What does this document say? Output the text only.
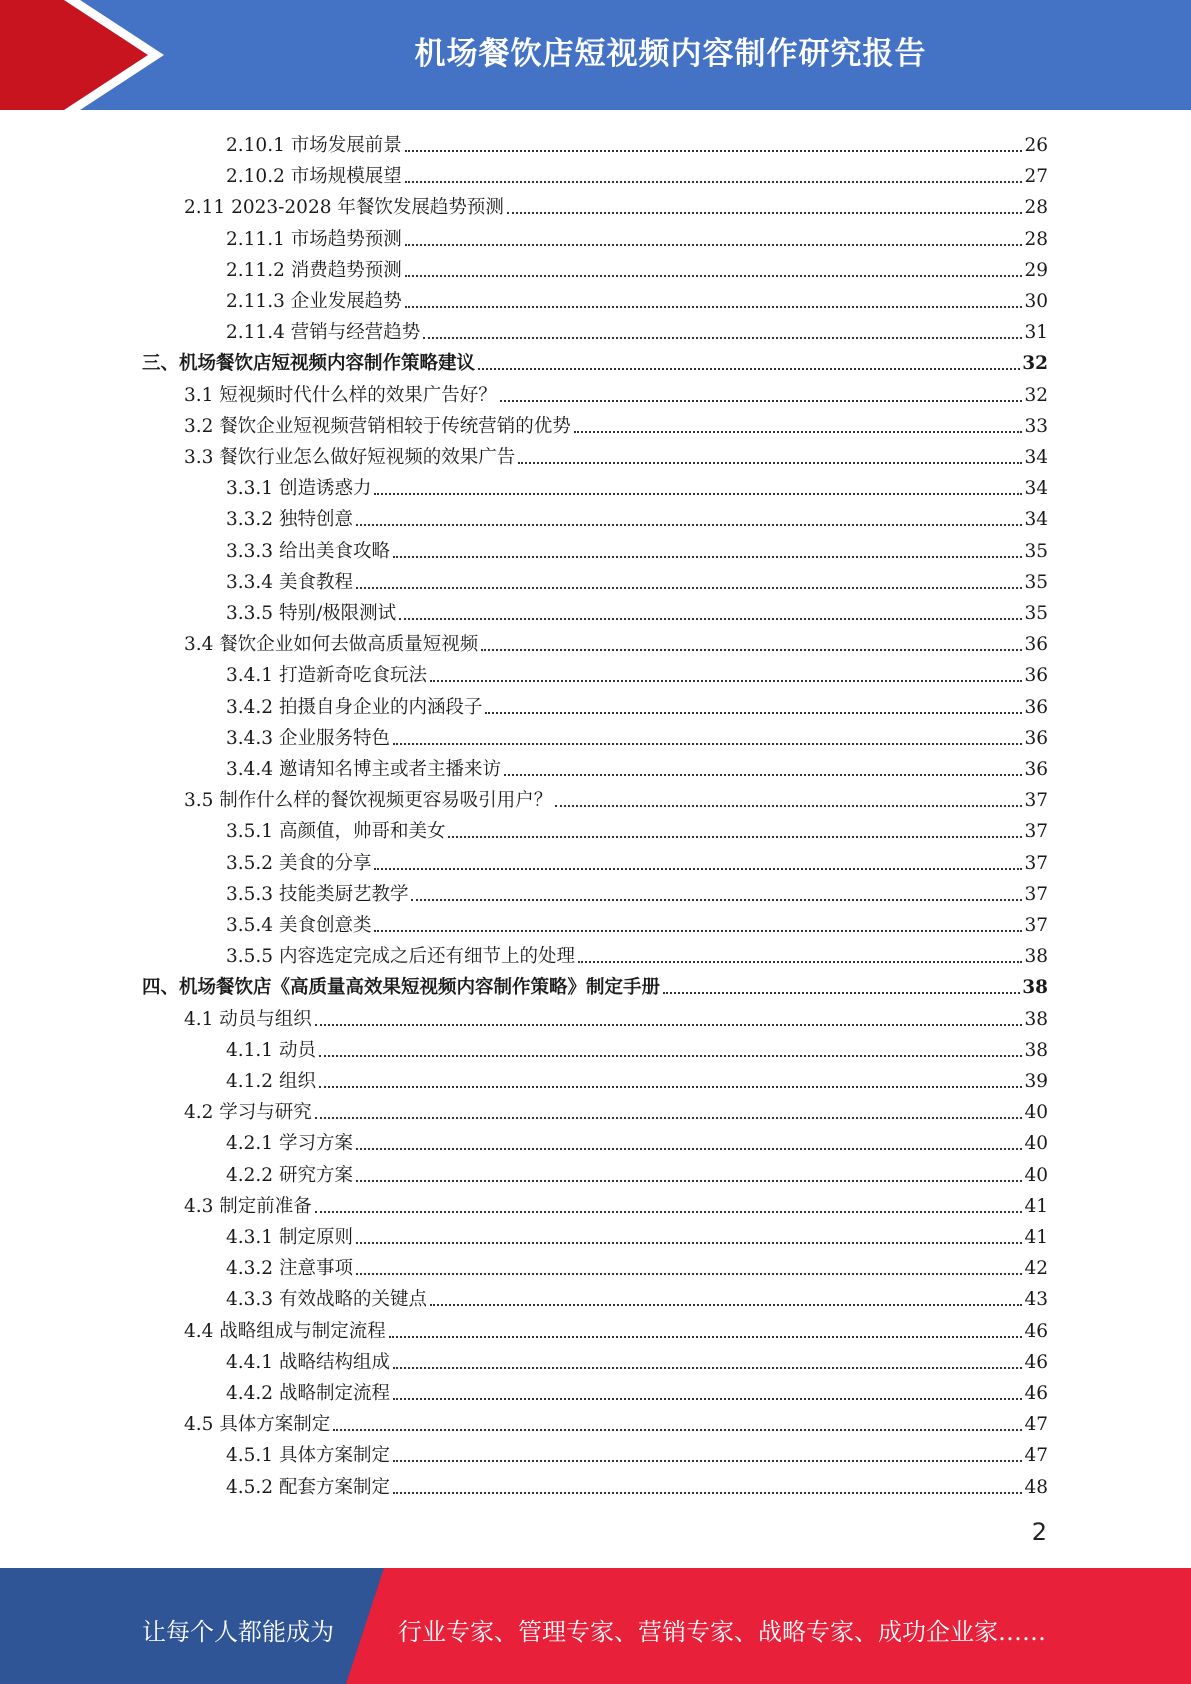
机场餐饮店短视频内容制作研究报告
2.10.1 市场发展前景	26
2.10.2 市场规模展望	27
2.11 2023-2028 年餐饮发展趋势预测	28
2.11.1 市场趋势预测	28
2.11.2 消费趋势预测	29
2.11.3 企业发展趋势	30
2.11.4 营销与经营趋势	31
三、机场餐饮店短视频内容制作策略建议	32
3.1 短视频时代什么样的效果广告好？	32
3.2 餐饮企业短视频营销相较于传统营销的优势	33
3.3 餐饮行业怎么做好短视频的效果广告	34
3.3.1 创造诱惑力	34
3.3.2 独特创意	34
3.3.3 给出美食攻略	35
3.3.4 美食教程	35
3.3.5 特别/极限测试	35
3.4 餐饮企业如何去做高质量短视频	36
3.4.1 打造新奇吃食玩法	36
3.4.2 拍摄自身企业的内涵段子	36
3.4.3 企业服务特色	36
3.4.4 邀请知名博主或者主播来访	36
3.5 制作什么样的餐饮视频更容易吸引用户？	37
3.5.1 高颜值，帅哥和美女	37
3.5.2 美食的分享	37
3.5.3 技能类厨艺教学	37
3.5.4 美食创意类	37
3.5.5 内容选定完成之后还有细节上的处理	38
四、机场餐饮店《高质量高效果短视频内容制作策略》制定手册	38
4.1 动员与组织	38
4.1.1 动员	38
4.1.2 组织	39
4.2 学习与研究	40
4.2.1 学习方案	40
4.2.2 研究方案	40
4.3 制定前准备	41
4.3.1 制定原则	41
4.3.2 注意事项	42
4.3.3 有效战略的关键点	43
4.4 战略组成与制定流程	46
4.4.1 战略结构组成	46
4.4.2 战略制定流程	46
4.5 具体方案制定	47
4.5.1 具体方案制定	47
4.5.2 配套方案制定	48
2
让每个人都能成为	行业专家、管理专家、营销专家、战略专家、成功企业家……
